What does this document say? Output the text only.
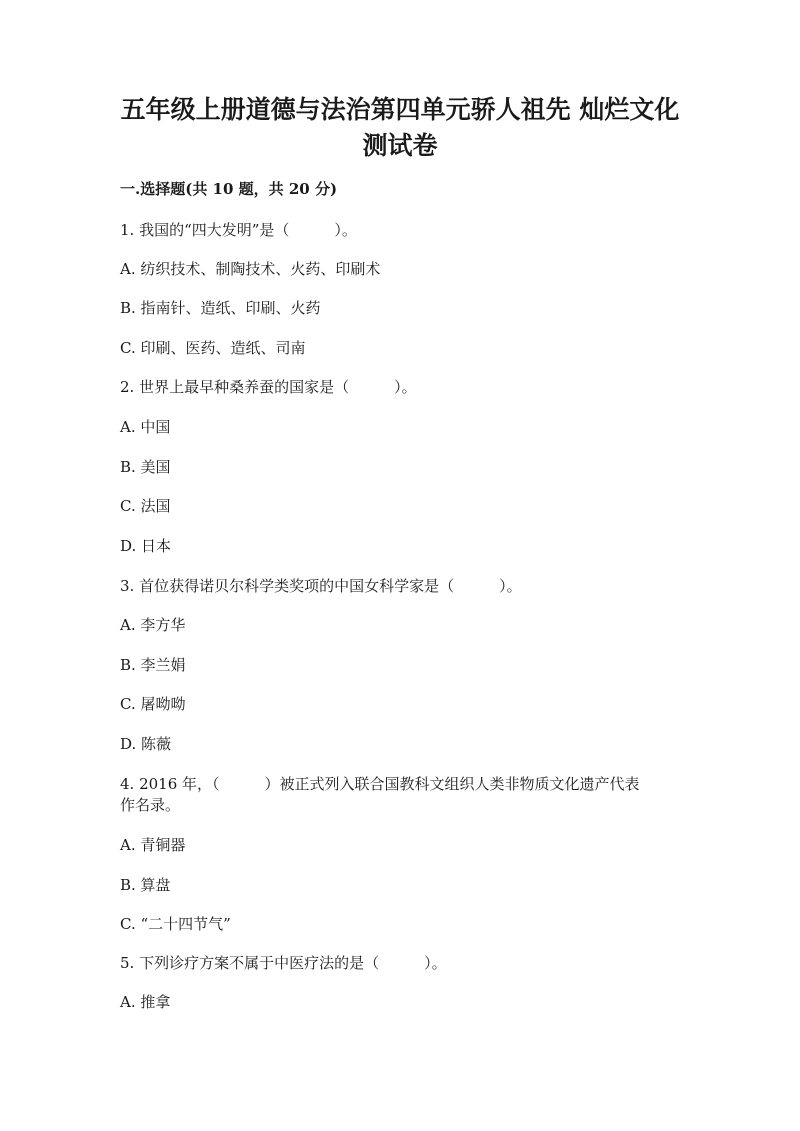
五年级上册道德与法治第四单元骄人祖先 灿烂文化
测试卷
一.选择题(共 10 题，共 20 分)
1. 我国的“四大发明”是（　　　）。
A. 纺织技术、制陶技术、火药、印刷术
B. 指南针、造纸、印刷、火药
C. 印刷、医药、造纸、司南
2. 世界上最早种桑养蚕的国家是（　　　）。
A. 中国
B. 美国
C. 法国
D. 日本
3. 首位获得诺贝尔科学类奖项的中国女科学家是（　　　）。
A. 李方华
B. 李兰娟
C. 屠呦呦
D. 陈薇
4. 2016 年，（　　　）被正式列入联合国教科文组织人类非物质文化遗产代表
作名录。
A. 青铜器
B. 算盘
C. “二十四节气”
5. 下列诊疗方案不属于中医疗法的是（　　　）。
A. 推拿
